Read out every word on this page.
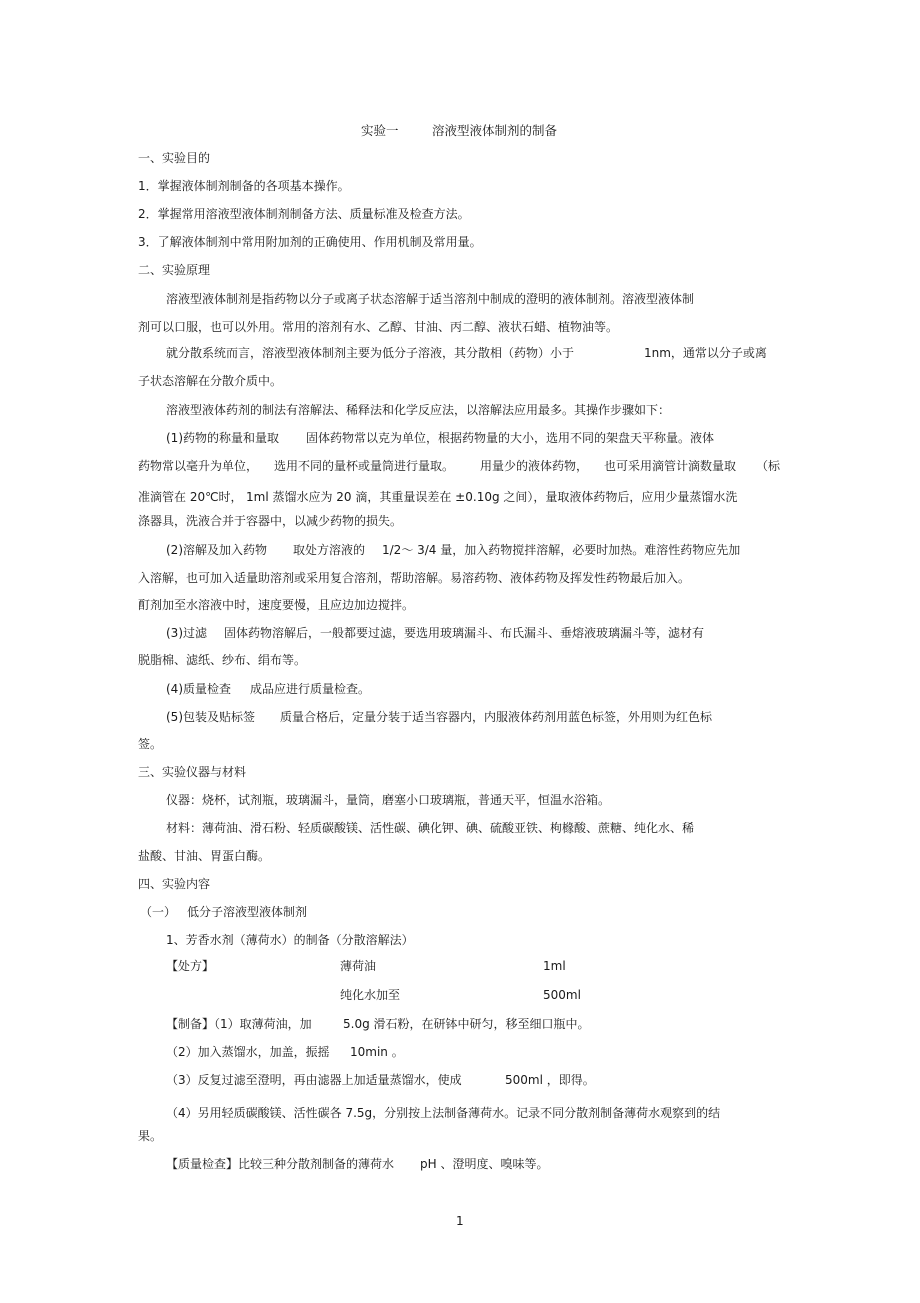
实验一	溶液型液体制剂的制备
一、实验目的
1．掌握液体制剂制备的各项基本操作。
2．掌握常用溶液型液体制剂制备方法、质量标准及检查方法。
3．了解液体制剂中常用附加剂的正确使用、作用机制及常用量。
二、实验原理
溶液型液体制剂是指药物以分子或离子状态溶解于适当溶剂中制成的澄明的液体制剂。溶液型液体制
剂可以口服，也可以外用。常用的溶剂有水、乙醇、甘油、丙二醇、液状石蜡、植物油等。
就分散系统而言，溶液型液体制剂主要为低分子溶液，其分散相（药物）小于	1nm，通常以分子或离
子状态溶解在分散介质中。
溶液型液体药剂的制法有溶解法、稀释法和化学反应法，以溶解法应用最多。其操作步骤如下：
(1)药物的称量和量取 固体药物常以克为单位，根据药物量的大小，选用不同的架盘天平称量。液体
药物常以毫升为单位， 选用不同的量杯或量筒进行量取。 用量少的液体药物， 也可采用滴管计滴数量取 （标
准滴管在 20℃时， 1ml 蒸馏水应为 20 滴，其重量误差在 ±0.10g 之间），量取液体药物后，应用少量蒸馏水洗
涤器具，洗液合并于容器中，以减少药物的损失。
(2)溶解及加入药物 取处方溶液的 1/2～ 3/4 量，加入药物搅拌溶解，必要时加热。难溶性药物应先加
入溶解，也可加入适量助溶剂或采用复合溶剂，帮助溶解。易溶药物、液体药物及挥发性药物最后加入。
酊剂加至水溶液中时，速度要慢，且应边加边搅拌。
(3)过滤 固体药物溶解后，一般都要过滤，要选用玻璃漏斗、布氏漏斗、垂熔液玻璃漏斗等，滤材有
脱脂棉、滤纸、纱布、绢布等。
(4)质量检查 成品应进行质量检查。
(5)包装及贴标签 质量合格后，定量分装于适当容器内，内服液体药剂用蓝色标签，外用则为红色标
签。
三、实验仪器与材料
仪器：烧杯，试剂瓶，玻璃漏斗，量筒，磨塞小口玻璃瓶，普通天平，恒温水浴箱。
材料：薄荷油、滑石粉、轻质碳酸镁、活性碳、碘化钾、碘、硫酸亚铁、枸橼酸、蔗糖、纯化水、稀
盐酸、甘油、胃蛋白酶。
四、实验内容
（一） 低分子溶液型液体制剂
1、芳香水剂（薄荷水）的制备（分散溶解法）
【处方】	薄荷油	1ml
纯化水加至	500ml
【制备】（1）取薄荷油，加	5.0g 滑石粉，在研钵中研匀，移至细口瓶中。
（2）加入蒸馏水，加盖，振摇 10min 。
（3）反复过滤至澄明，再由滤器上加适量蒸馏水，使成	500ml ，即得。
（4）另用轻质碳酸镁、活性碳各 7.5g，分别按上法制备薄荷水。记录不同分散剂制备薄荷水观察到的结
果。
【质量检查】比较三种分散剂制备的薄荷水 pH 、澄明度、嗅味等。
1
